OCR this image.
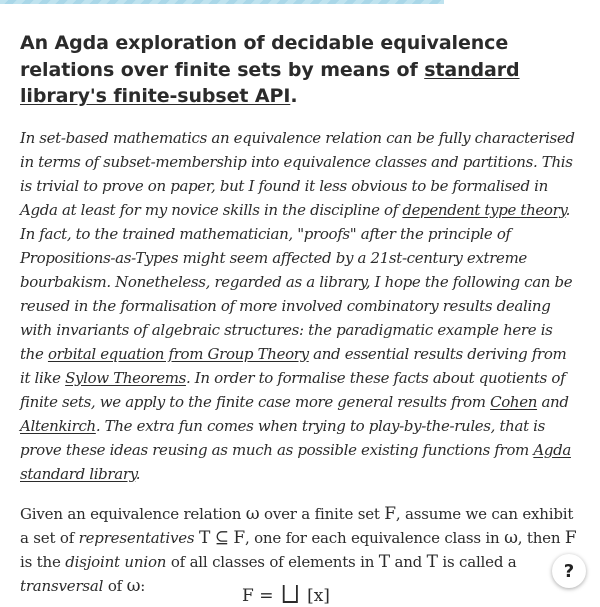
An Agda exploration of decidable equivalence relations over finite sets by means of standard library's finite-subset API.

In set-based mathematics an equivalence relation can be fully characterised in terms of subset-membership into equivalence classes and partitions. This is trivial to prove on paper, but I found it less obvious to be formalised in Agda at least for my novice skills in the discipline of dependent type theory. In fact, to the trained mathematician, "proofs" after the principle of Propositions-as-Types might seem affected by a 21st-century extreme bourbakism. Nonetheless, regarded as a library, I hope the following can be reused in the formalisation of more involved combinatory results dealing with invariants of algebraic structures: the paradigmatic example here is the orbital equation from Group Theory and essential results deriving from it like Sylow Theorems. In order to formalise these facts about quotients of finite sets, we apply to the finite case more general results from Cohen and Altenkirch. The extra fun comes when trying to play-by-the-rules, that is prove these ideas reusing as much as possible existing functions from Agda standard library.

Given an equivalence relation ω over a finite set F, assume we can exhibit a set of representatives T ⊆ F, one for each equivalence class in ω, then F is the disjoint union of all classes of elements in T and T is called a transversal of ω:

F = ⨆ [x]
?
